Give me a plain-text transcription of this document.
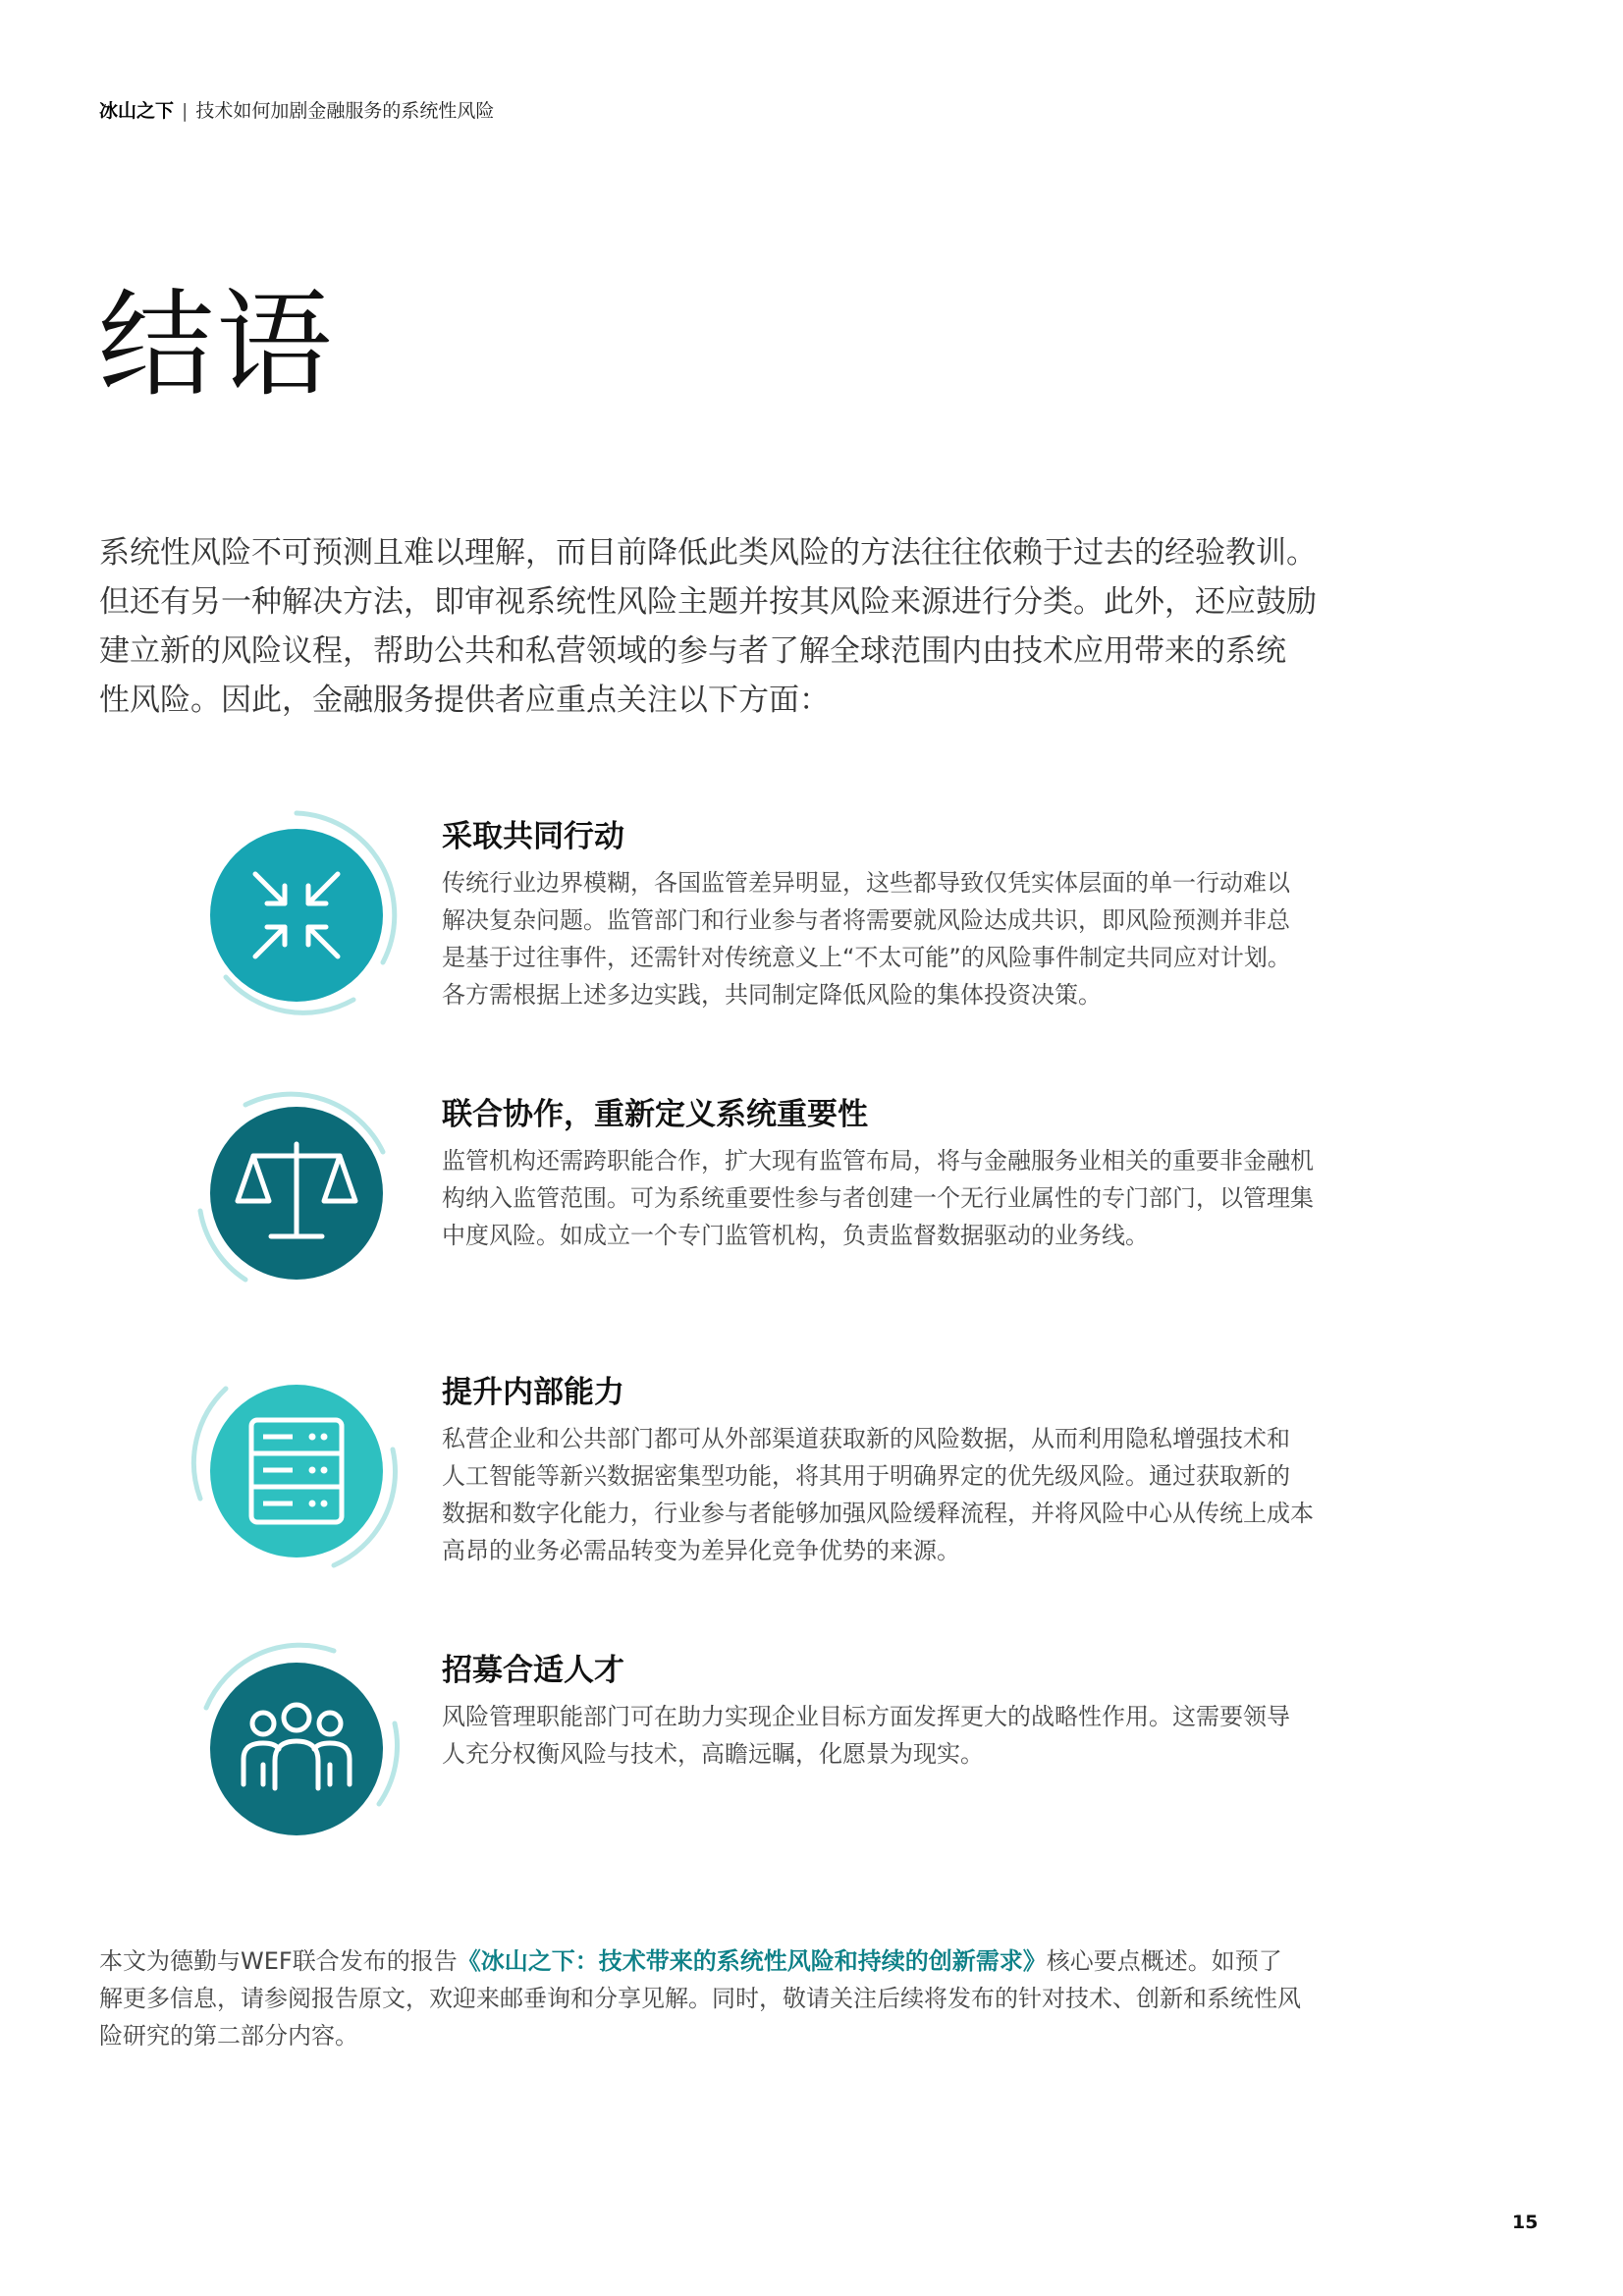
冰山之下 | 技术如何加剧金融服务的系统性风险
结语

系统性风险不可预测且难以理解，而目前降低此类风险的方法往往依赖于过去的经验教训。

但还有另一种解决方法，即审视系统性风险主题并按其风险来源进行分类。此外，还应鼓励

建立新的风险议程，帮助公共和私营领域的参与者了解全球范围内由技术应用带来的系统

性风险。因此，金融服务提供者应重点关注以下方面：

采取共同行动

传统行业边界模糊，各国监管差异明显，这些都导致仅凭实体层面的单一行动难以

解决复杂问题。监管部门和行业参与者将需要就风险达成共识，即风险预测并非总

是基于过往事件，还需针对传统意义上“不太可能”的风险事件制定共同应对计划。

各方需根据上述多边实践，共同制定降低风险的集体投资决策。

联合协作，重新定义系统重要性

监管机构还需跨职能合作，扩大现有监管布局，将与金融服务业相关的重要非金融机

构纳入监管范围。可为系统重要性参与者创建一个无行业属性的专门部门，以管理集

中度风险。如成立一个专门监管机构，负责监督数据驱动的业务线。

提升内部能力

私营企业和公共部门都可从外部渠道获取新的风险数据，从而利用隐私增强技术和

人工智能等新兴数据密集型功能，将其用于明确界定的优先级风险。通过获取新的

数据和数字化能力，行业参与者能够加强风险缓释流程，并将风险中心从传统上成本

高昂的业务必需品转变为差异化竞争优势的来源。

招募合适人才

风险管理职能部门可在助力实现企业目标方面发挥更大的战略性作用。这需要领导

人充分权衡风险与技术，高瞻远瞩，化愿景为现实。

本文为德勤与WEF联合发布的报告《冰山之下：技术带来的系统性风险和持续的创新需求》核心要点概述。如预了

解更多信息，请参阅报告原文，欢迎来邮垂询和分享见解。同时，敬请关注后续将发布的针对技术、创新和系统性风

险研究的第二部分内容。

15
